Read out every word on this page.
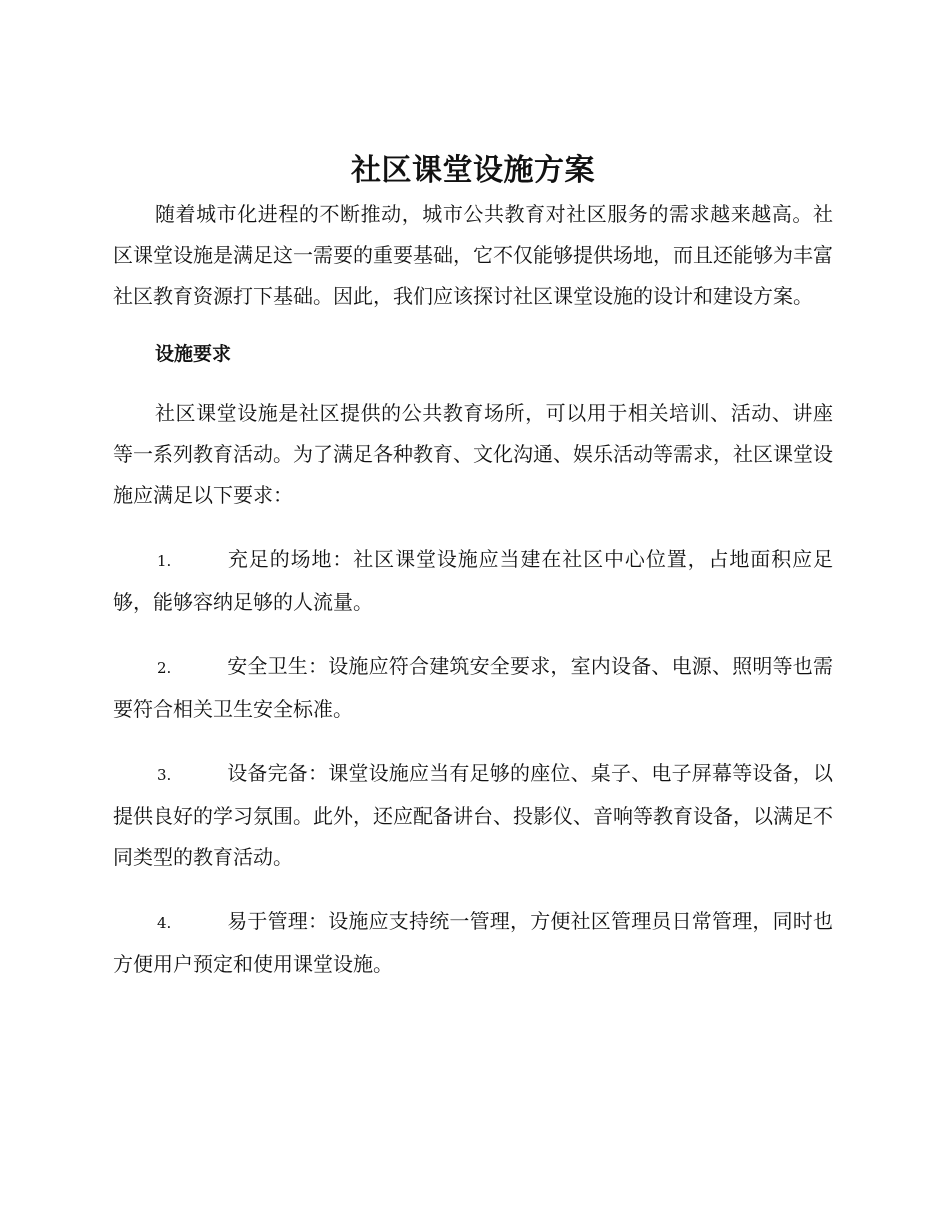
社区课堂设施方案

随着城市化进程的不断推动，城市公共教育对社区服务的需求越来越高。社区课堂设施是满足这一需要的重要基础，它不仅能够提供场地，而且还能够为丰富社区教育资源打下基础。因此，我们应该探讨社区课堂设施的设计和建设方案。

设施要求

社区课堂设施是社区提供的公共教育场所，可以用于相关培训、活动、讲座等一系列教育活动。为了满足各种教育、文化沟通、娱乐活动等需求，社区课堂设施应满足以下要求：

1.	充足的场地：社区课堂设施应当建在社区中心位置，占地面积应足够，能够容纳足够的人流量。
2.	安全卫生：设施应符合建筑安全要求，室内设备、电源、照明等也需要符合相关卫生安全标准。
3.	设备完备：课堂设施应当有足够的座位、桌子、电子屏幕等设备，以提供良好的学习氛围。此外，还应配备讲台、投影仪、音响等教育设备，以满足不同类型的教育活动。
4.	易于管理：设施应支持统一管理，方便社区管理员日常管理，同时也方便用户预定和使用课堂设施。
